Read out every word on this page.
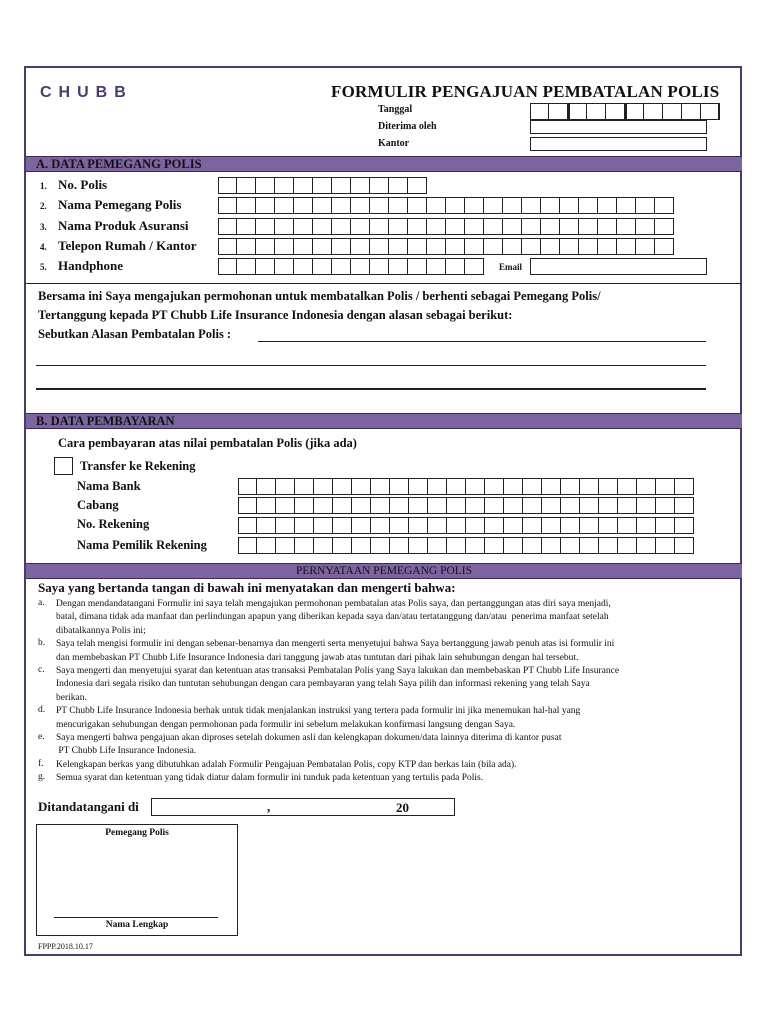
CHUBB	FORMULIR PENGAJUAN PEMBATALAN POLIS
Tanggal
Diterima oleh
Kantor
A. DATA PEMEGANG POLIS
1. No. Polis
2. Nama Pemegang Polis
3. Nama Produk Asuransi
4. Telepon Rumah / Kantor
5. Handphone	Email
Bersama ini Saya mengajukan permohonan untuk membatalkan Polis / berhenti sebagai Pemegang Polis/
Tertanggung kepada PT Chubb Life Insurance Indonesia dengan alasan sebagai berikut:
Sebutkan Alasan Pembatalan Polis :
B. DATA PEMBAYARAN
Cara pembayaran atas nilai pembatalan Polis (jika ada)
Transfer ke Rekening
Nama Bank
Cabang
No. Rekening
Nama Pemilik Rekening
PERNYATAAN PEMEGANG POLIS
Saya yang bertanda tangan di bawah ini menyatakan dan mengerti bahwa:
a. Dengan mendandatangani Formulir ini saya telah mengajukan permohonan pembatalan atas Polis saya, dan pertanggungan atas diri saya menjadi,
batal, dimana tidak ada manfaat dan perlindungan apapun yang diberikan kepada saya dan/atau tertatanggung dan/atau  penerima manfaat setelah
dibatalkannya Polis ini;
b. Saya telah mengisi formulir ini dengan sebenar-benarnya dan mengerti serta menyetujui bahwa Saya bertanggung jawab penuh atas isi formulir ini
dan membebaskan PT Chubb Life Insurance Indonesia dari tanggung jawab atas tuntutan dari pihak lain sehubungan dengan hal tersebut.
c. Saya mengerti dan menyetujui syarat dan ketentuan atas transaksi Pembatalan Polis yang Saya lakukan dan membebaskan PT Chubb Life Insurance
Indonesia dari segala risiko dan tuntutan sehubungan dengan cara pembayaran yang telah Saya pilih dan informasi rekening yang telah Saya
berikan.
d. PT Chubb Life Insurance Indonesia berhak untuk tidak menjalankan instruksi yang tertera pada formulir ini jika menemukan hal-hal yang
mencurigakan sehubungan dengan permohonan pada formulir ini sebelum melakukan konfirmasi langsung dengan Saya.
e. Saya mengerti bahwa pengajuan akan diproses setelah dokumen asli dan kelengkapan dokumen/data lainnya diterima di kantor pusat
PT Chubb Life Insurance Indonesia.
f. Kelengkapan berkas yang dibutuhkan adalah Formulir Pengajuan Pembatalan Polis, copy KTP dan berkas lain (bila ada).
g. Semua syarat dan ketentuan yang tidak diatur dalam formulir ini tunduk pada ketentuan yang tertulis pada Polis.
Ditandatangani di	,	20
Pemegang Polis
Nama Lengkap
FPPP.2018.10.17
